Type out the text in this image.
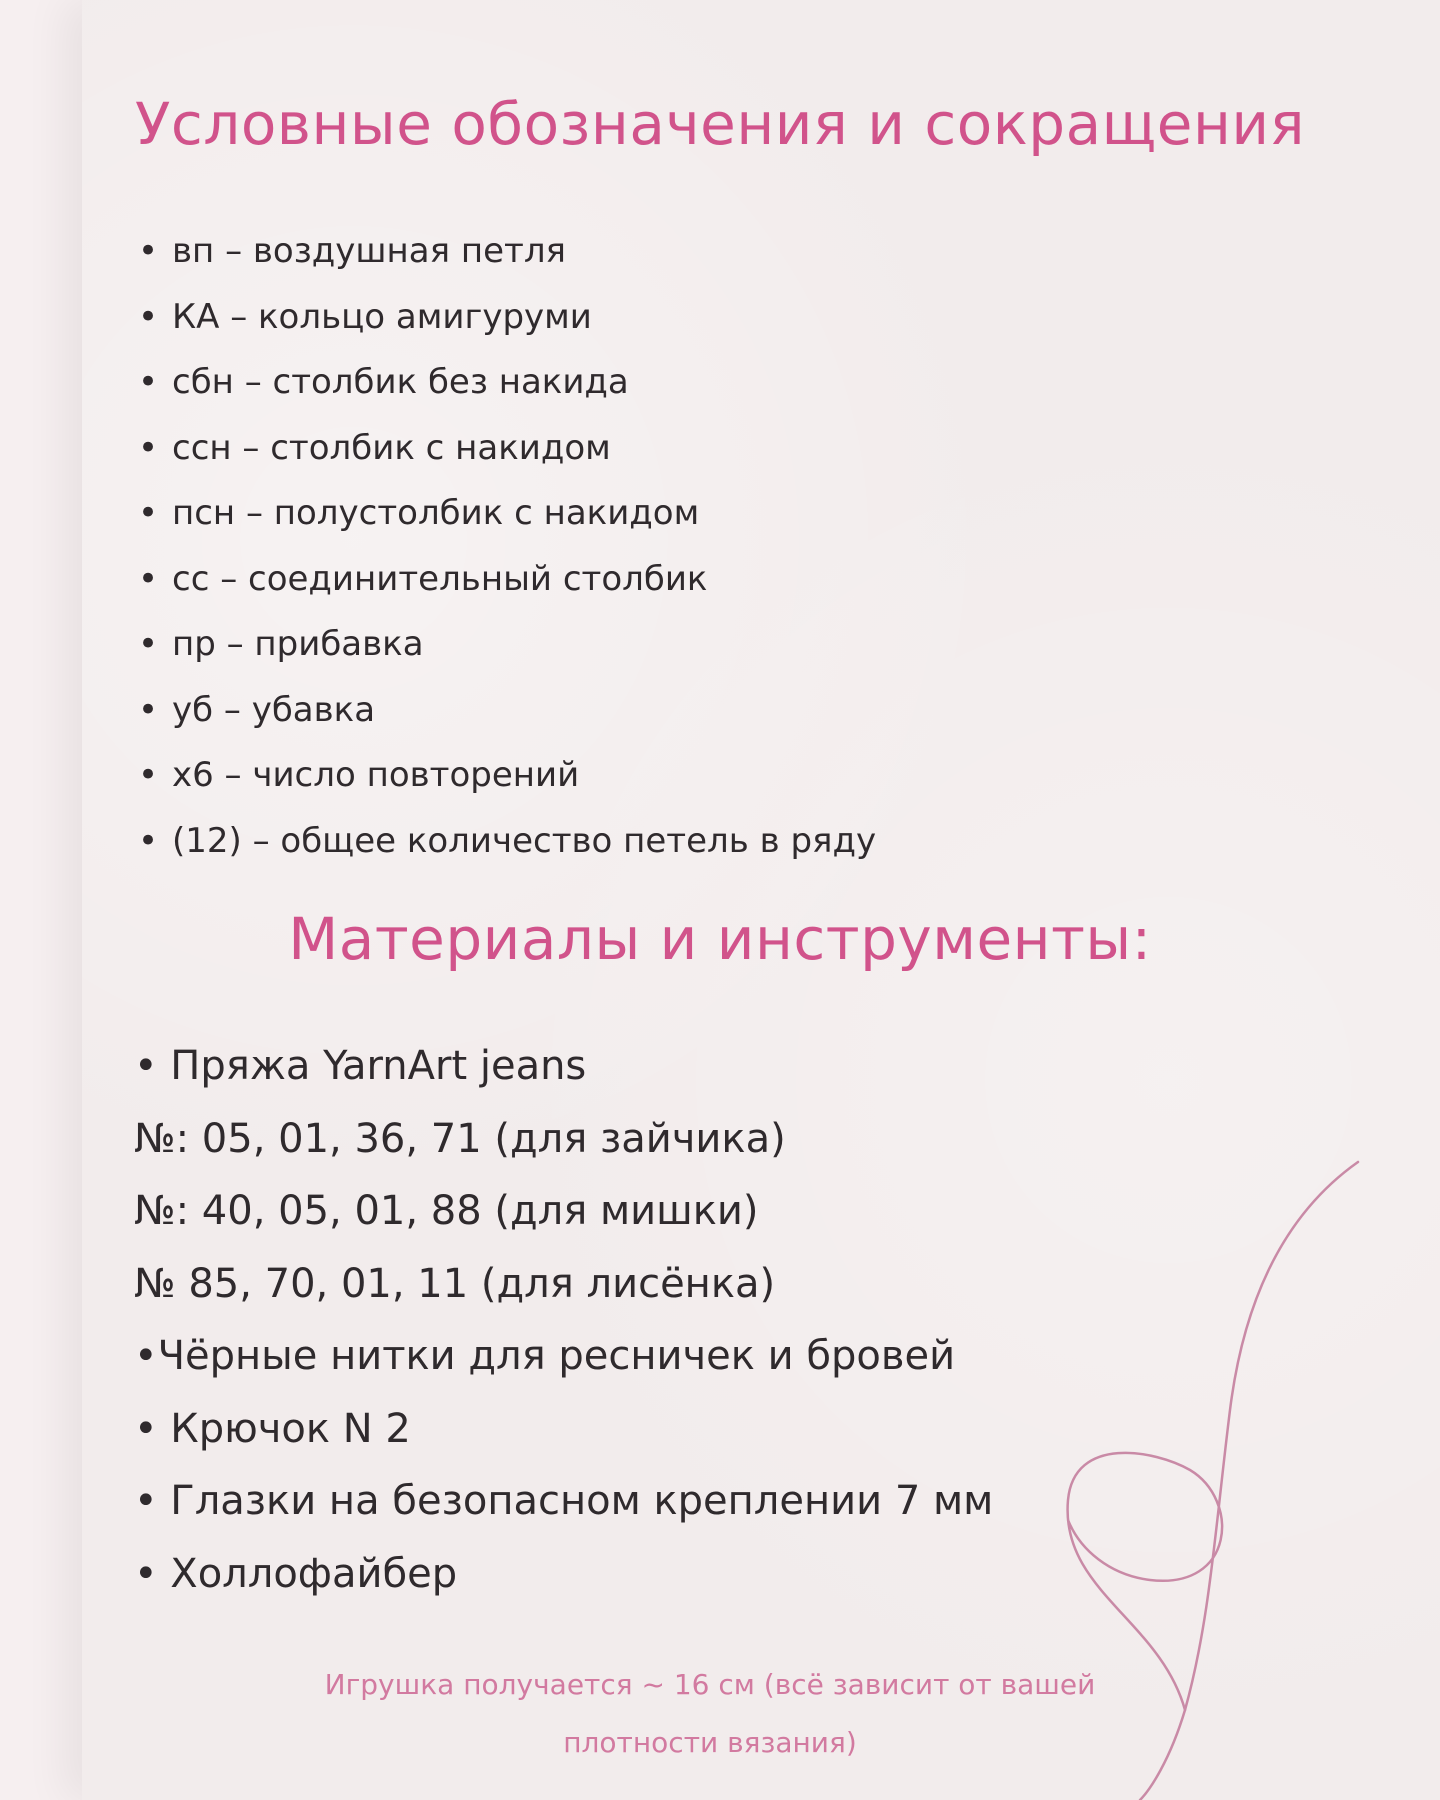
Условные обозначения и сокращения
• вп – воздушная петля
• КА – кольцо амигуруми
• сбн – столбик без накида
• ссн – столбик с накидом
• псн – полустолбик с накидом
• сс – соединительный столбик
• пр – прибавка
• уб – убавка
• х6 – число повторений
• (12) – общее количество петель в ряду
Материалы и инструменты:
• Пряжа YarnArt jeans
№: 05, 01, 36, 71 (для зайчика)
№: 40, 05, 01, 88 (для мишки)
№ 85, 70, 01, 11 (для лисёнка)
•Чёрные нитки для ресничек и бровей
• Крючок N 2
• Глазки на безопасном креплении 7 мм
• Холлофайбер

Игрушка получается ~ 16 см (всё зависит от вашей
плотности вязания)
